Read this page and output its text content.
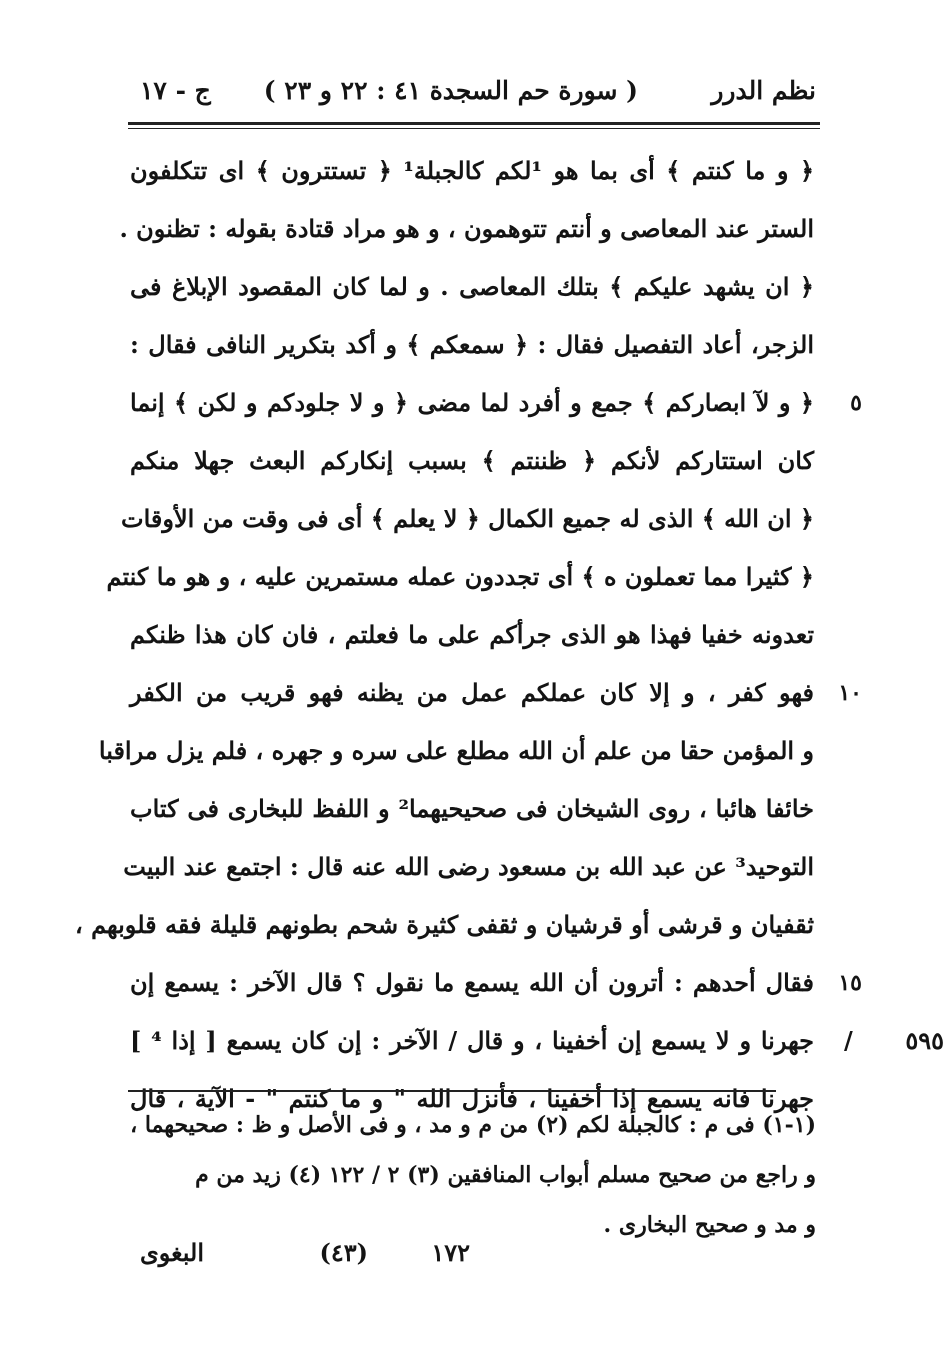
نظم الدرر
( سورة حم السجدة ٤١ : ٢٢ و ٢٣ )
ج - ١٧
﴿ و ما كنتم ﴾ أى بما هو ¹لكم كالجبلة¹ ﴿ تستترون ﴾ اى تتكلفون
الستر عند المعاصى و أنتم تتوهمون ، و هو مراد قتادة بقوله : تظنون .
﴿ ان يشهد عليكم ﴾ بتلك المعاصى . و لما كان المقصود الإبلاغ فى
الزجر، أعاد التفصيل فقال : ﴿ سمعكم ﴾ و أكد بتكرير النافى فقال :
٥
﴿ و لآ ابصاركم ﴾ جمع و أفرد لما مضى ﴿ و لا جلودكم و لكن ﴾ إنما
كان استتاركم لأنكم ﴿ ظننتم ﴾ بسبب إنكاركم البعث جهلا منكم
﴿ ان الله ﴾ الذى له جميع الكمال ﴿ لا يعلم ﴾ أى فى وقت من الأوقات
﴿ كثيرا مما تعملون ه ﴾ أى تجددون عمله مستمرين عليه ، و هو ما كنتم
تعدونه خفيا فهذا هو الذى جرأكم على ما فعلتم ، فان كان هذا ظنكم
١٠
فهو كفر ، و إلا كان عملكم عمل من يظنه فهو قريب من الكفر
و المؤمن حقا من علم أن الله مطلع على سره و جهره ، فلم يزل مراقبا
خائفا هائبا ، روى الشيخان فى صحيحيهما² و اللفظ للبخارى فى كتاب
التوحيد³ عن عبد الله بن مسعود رضى الله عنه قال : اجتمع عند البيت
ثقفيان و قرشى أو قرشيان و ثقفى كثيرة شحم بطونهم قليلة فقه قلوبهم ،
١٥
فقال أحدهم : أترون أن الله يسمع ما نقول ؟ قال الآخر : يسمع إن
٥٩٥ /
جهرنا و لا يسمع إن أخفينا ، و قال / الآخر : إن كان يسمع [ إذا ⁴ ]
جهرنا فانه يسمع إذا أخفينا ، فأنزل الله " و ما كنتم " - الآية ، قال
(١-١) فى م : كالجبلة لكم (٢) من م و مد ، و فى الأصل و ظ : صحيحهما ،
و راجع من صحيح مسلم أبواب المنافقين (٣) ٢ / ١٢٢ (٤) زيد من م
و مد و صحيح البخارى .
١٧٢
(٤٣)
البغوى
